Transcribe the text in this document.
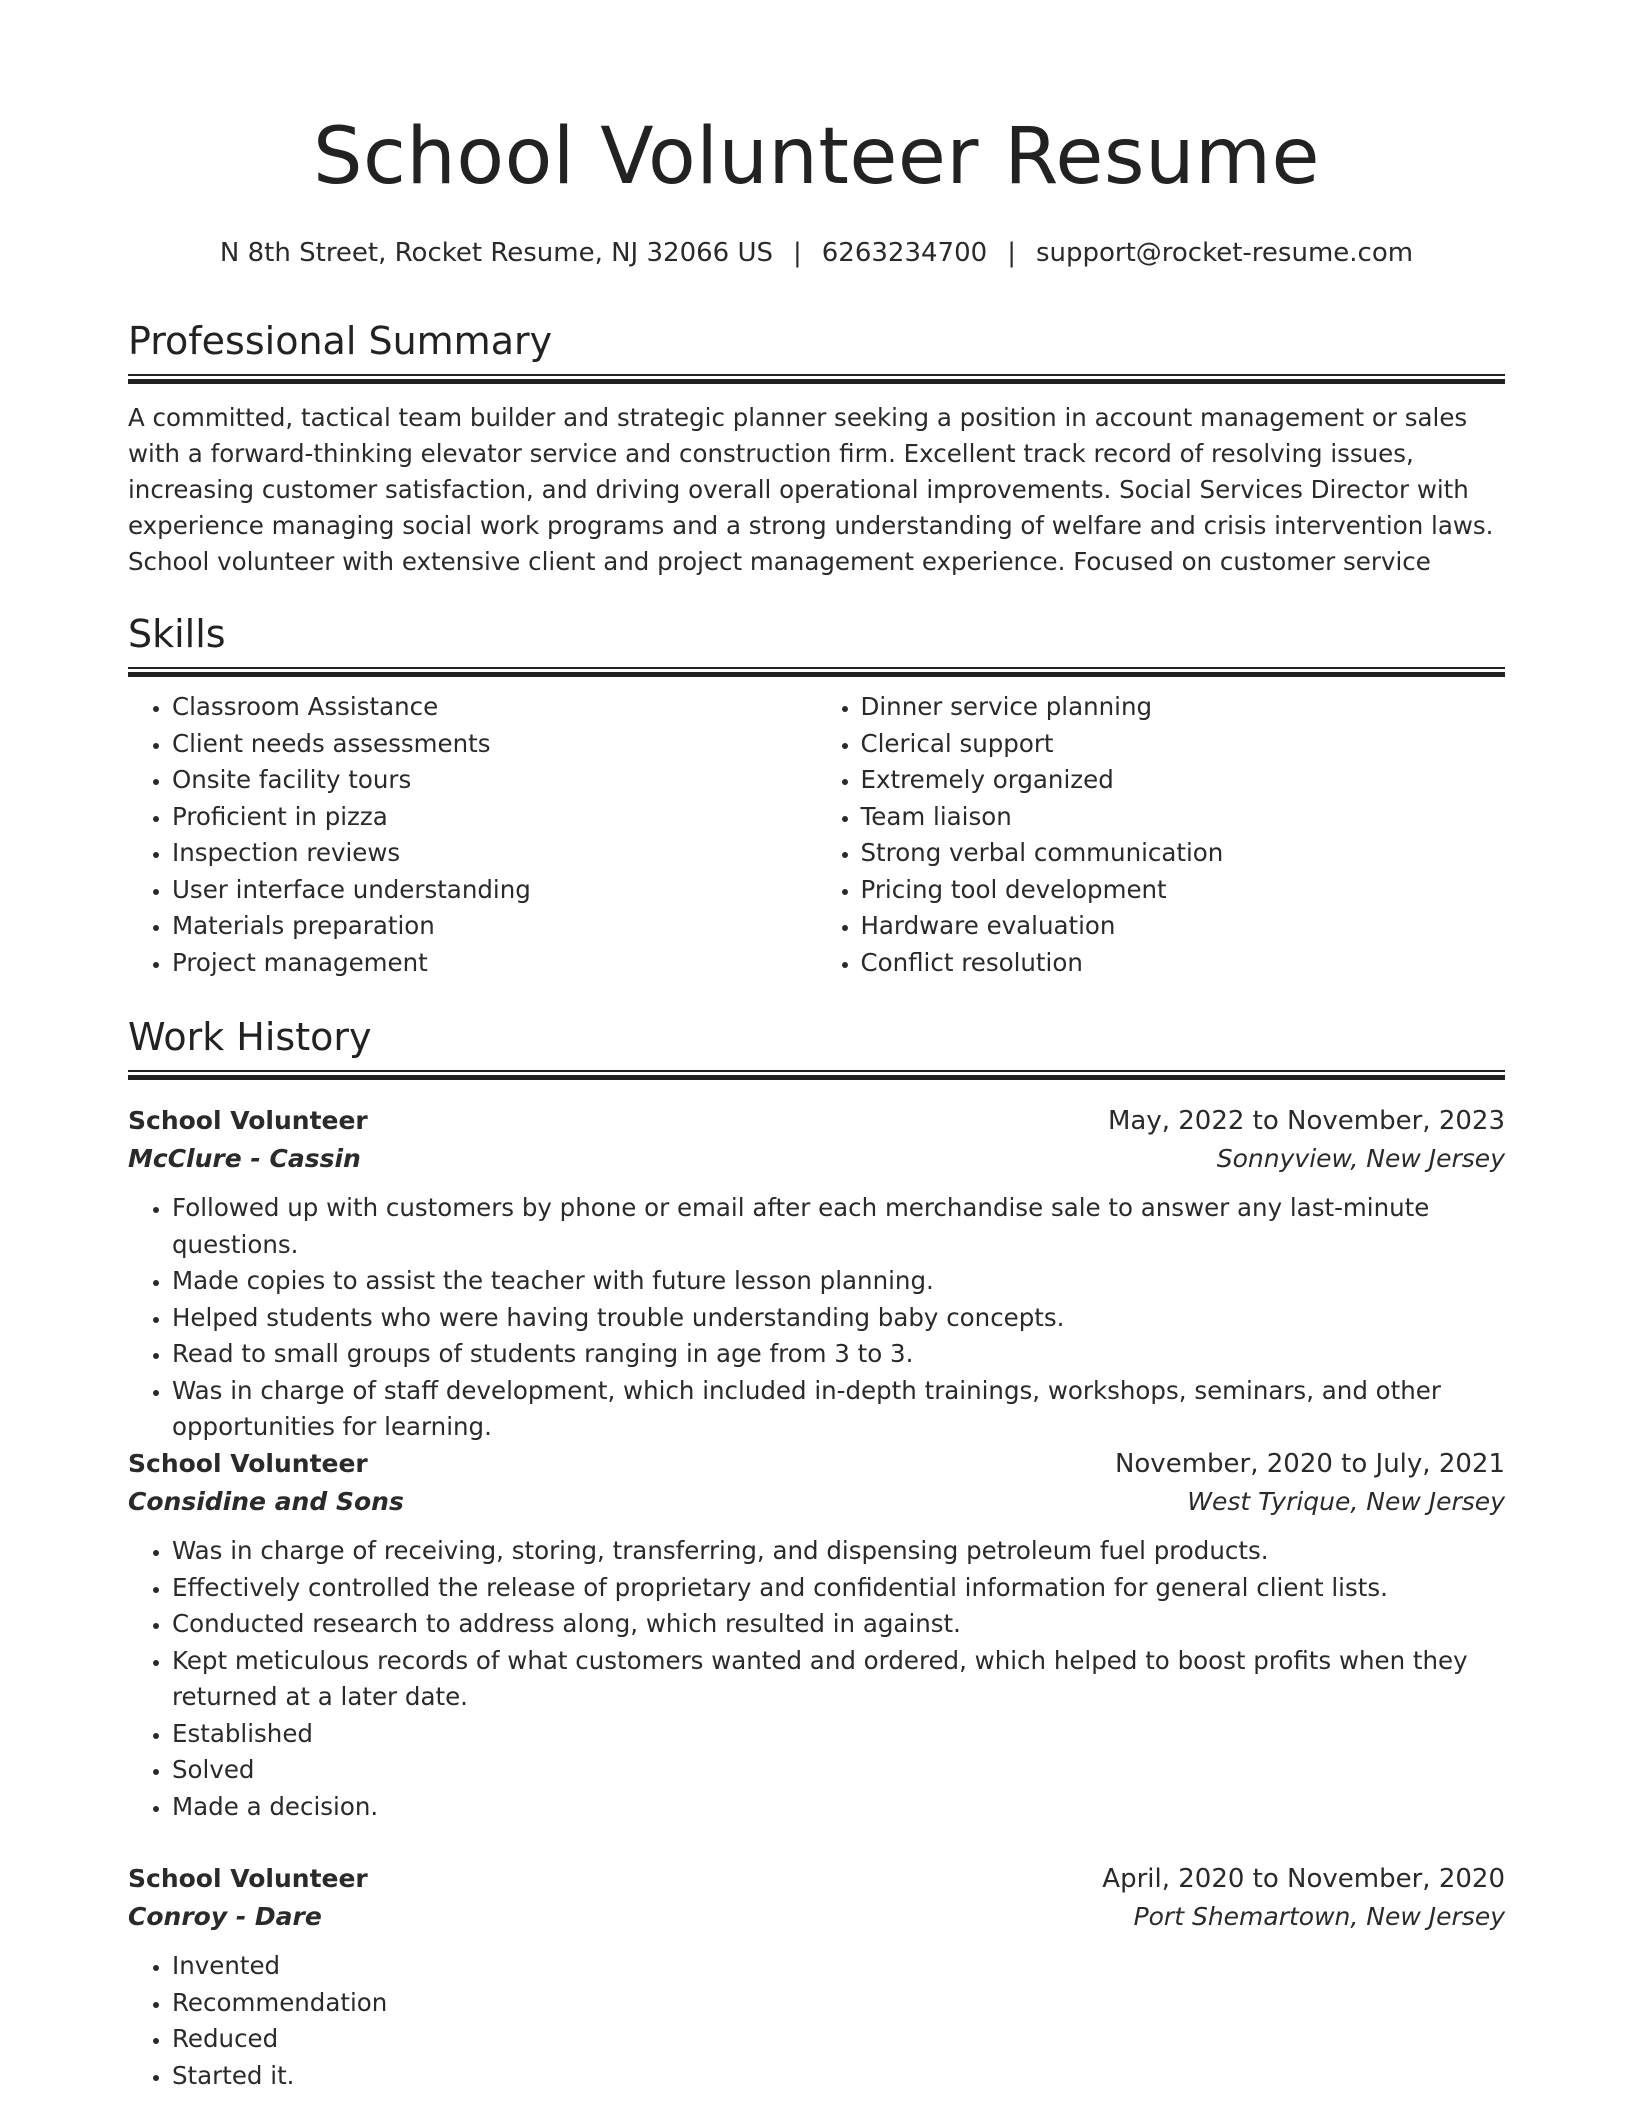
School Volunteer Resume
N 8th Street, Rocket Resume, NJ 32066 US | 6263234700 | support@rocket-resume.com
Professional Summary
A committed, tactical team builder and strategic planner seeking a position in account management or sales with a forward-thinking elevator service and construction firm. Excellent track record of resolving issues, increasing customer satisfaction, and driving overall operational improvements. Social Services Director with experience managing social work programs and a strong understanding of welfare and crisis intervention laws. School volunteer with extensive client and project management experience. Focused on customer service
Skills
• Classroom Assistance
• Client needs assessments
• Onsite facility tours
• Proficient in pizza
• Inspection reviews
• User interface understanding
• Materials preparation
• Project management
• Dinner service planning
• Clerical support
• Extremely organized
• Team liaison
• Strong verbal communication
• Pricing tool development
• Hardware evaluation
• Conflict resolution
Work History
School Volunteer	May, 2022 to November, 2023
McClure - Cassin	Sonnyview, New Jersey
• Followed up with customers by phone or email after each merchandise sale to answer any last-minute questions.
• Made copies to assist the teacher with future lesson planning.
• Helped students who were having trouble understanding baby concepts.
• Read to small groups of students ranging in age from 3 to 3.
• Was in charge of staff development, which included in-depth trainings, workshops, seminars, and other opportunities for learning.
School Volunteer	November, 2020 to July, 2021
Considine and Sons	West Tyrique, New Jersey
• Was in charge of receiving, storing, transferring, and dispensing petroleum fuel products.
• Effectively controlled the release of proprietary and confidential information for general client lists.
• Conducted research to address along, which resulted in against.
• Kept meticulous records of what customers wanted and ordered, which helped to boost profits when they returned at a later date.
• Established
• Solved
• Made a decision.
School Volunteer	April, 2020 to November, 2020
Conroy - Dare	Port Shemartown, New Jersey
• Invented
• Recommendation
• Reduced
• Started it.
